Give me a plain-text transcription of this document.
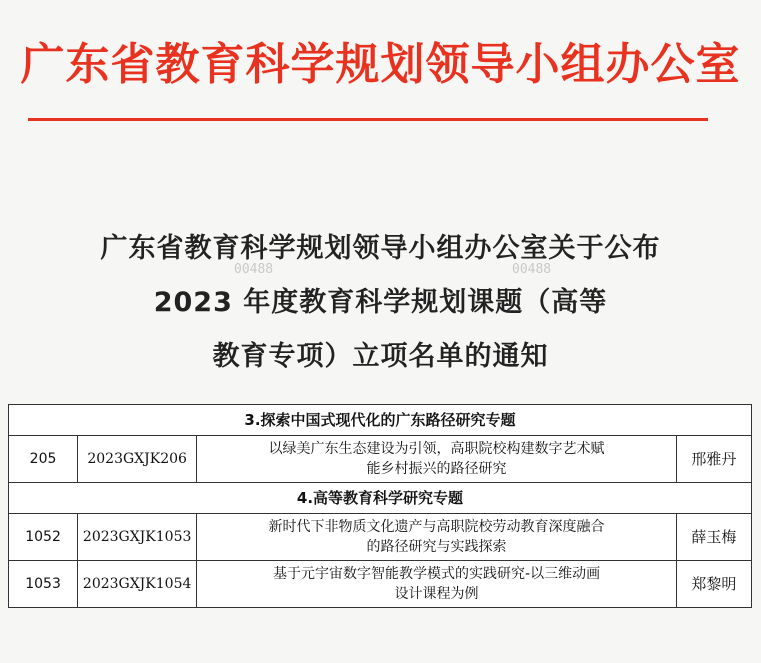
广东省教育科学规划领导小组办公室
00488	00488
广东省教育科学规划领导小组办公室关于公布
2023 年度教育科学规划课题（高等
教育专项）立项名单的通知
3.探索中国式现代化的广东路径研究专题			
205	2023GXJK206	以绿美广东生态建设为引领，高职院校构建数字艺术赋
能乡村振兴的路径研究	邢雅丹
4.高等教育科学研究专题			
1052	2023GXJK1053	新时代下非物质文化遗产与高职院校劳动教育深度融合
的路径研究与实践探索	薛玉梅
1053	2023GXJK1054	基于元宇宙数字智能教学模式的实践研究-以三维动画
设计课程为例	郑黎明
